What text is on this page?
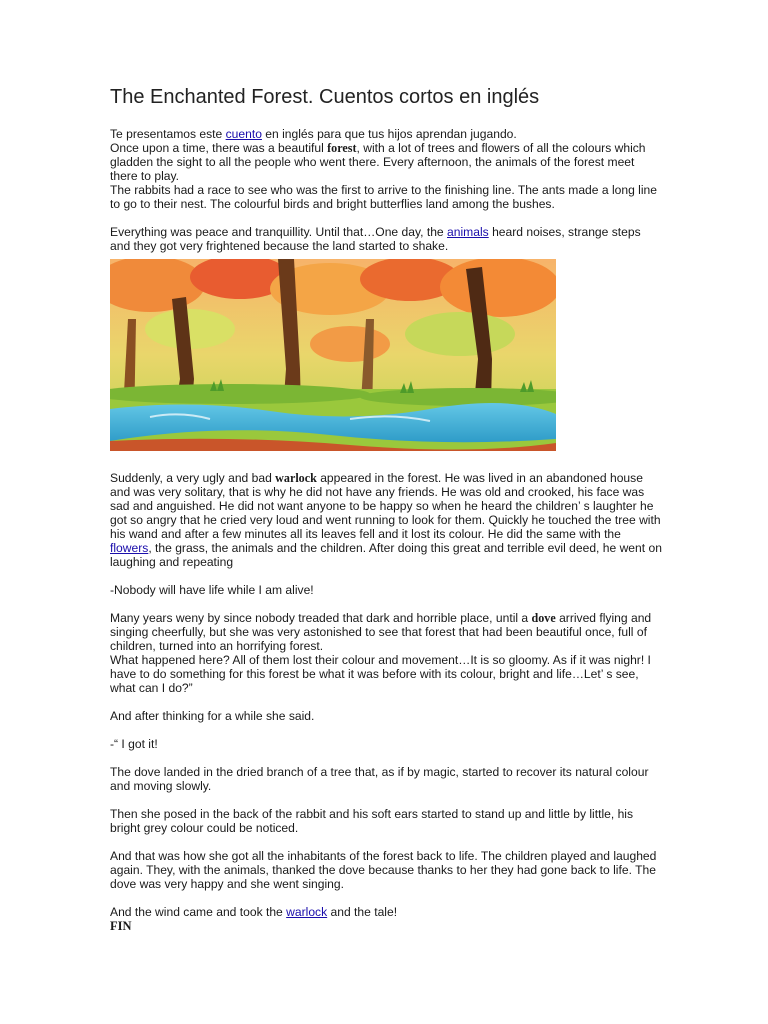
The Enchanted Forest. Cuentos cortos en inglés

Te presentamos este cuento en inglés para que tus hijos aprendan jugando.

Once upon a time, there was a beautiful forest, with a lot of trees and flowers of all the colours which gladden the sight to all the people who went there. Every afternoon, the animals of the forest meet there to play.

The rabbits had a race to see who was the first to arrive to the finishing line. The ants made a long line to go to their nest. The colourful birds and bright butterflies land among the bushes.

Everything was peace and tranquillity. Until that…One day, the animals heard noises, strange steps and they got very frightened because the land started to shake.

Suddenly, a very ugly and bad warlock appeared in the forest. He was lived in an abandoned house and was very solitary, that is why he did not have any friends. He was old and crooked, his face was sad and anguished. He did not want anyone to be happy so when he heard the children’ s laughter he got so angry that he cried very loud and went running to look for them. Quickly he touched the tree with his wand and after a few minutes all its leaves fell and it lost its colour. He did the same with the flowers, the grass, the animals and the children. After doing this great and terrible evil deed, he went on laughing and repeating

-Nobody will have life while I am alive!

Many years weny by since nobody treaded that dark and horrible place, until a dove arrived flying and singing cheerfully, but she was very astonished to see that forest that had been beautiful once, full of children, turned into an horrifying forest.

What happened here? All of them lost their colour and movement…It is so gloomy. As if it was nighr! I have to do something for this forest be what it was before with its colour, bright and life…Let’ s see, what can I do?”

And after thinking for a while she said.

-“ I got it!

The dove landed in the dried branch of a tree that, as if by magic, started to recover its natural colour and moving slowly.

Then she posed in the back of the rabbit and his soft ears started to stand up and little by little, his bright grey colour could be noticed.

And that was how she got all the inhabitants of the forest back to life. The children played and laughed again. They, with the animals, thanked the dove because thanks to her they had gone back to life. The dove was very happy and she went singing.

And the wind came and took the warlock and the tale!

FIN
